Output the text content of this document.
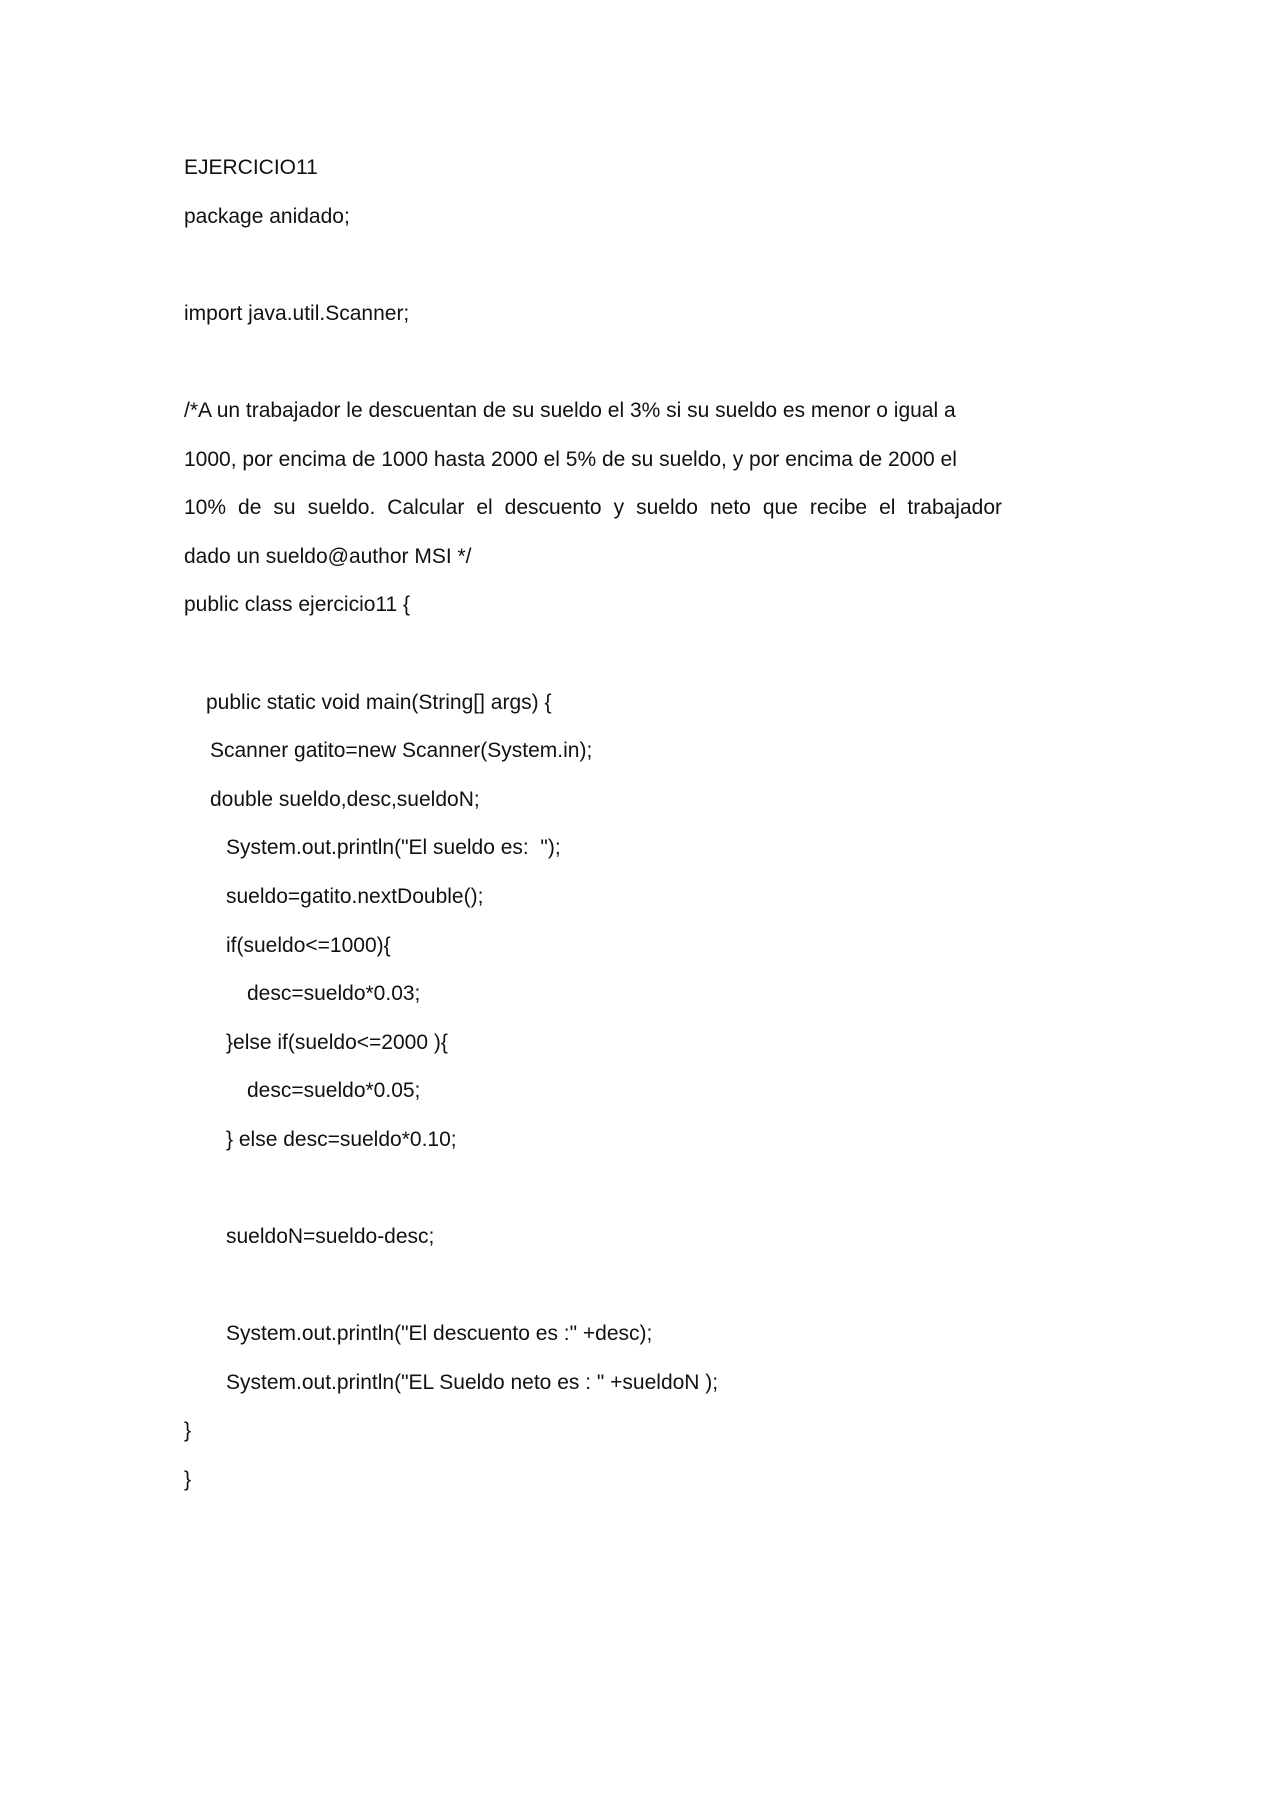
EJERCICIO11
package anidado;
import java.util.Scanner;
/*A un trabajador le descuentan de su sueldo el 3% si su sueldo es menor o igual a
1000, por encima de 1000 hasta 2000 el 5% de su sueldo, y por encima de 2000 el
10% de su sueldo. Calcular el descuento y sueldo neto que recibe el trabajador
dado un sueldo@author MSI */
public class ejercicio11 {
public static void main(String[] args) {
Scanner gatito=new Scanner(System.in);
double sueldo,desc,sueldoN;
System.out.println("El sueldo es:  ");
sueldo=gatito.nextDouble();
if(sueldo<=1000){
desc=sueldo*0.03;
}else if(sueldo<=2000 ){
desc=sueldo*0.05;
} else desc=sueldo*0.10;
sueldoN=sueldo-desc;
System.out.println("El descuento es :" +desc);
System.out.println("EL Sueldo neto es : " +sueldoN );
}
}
